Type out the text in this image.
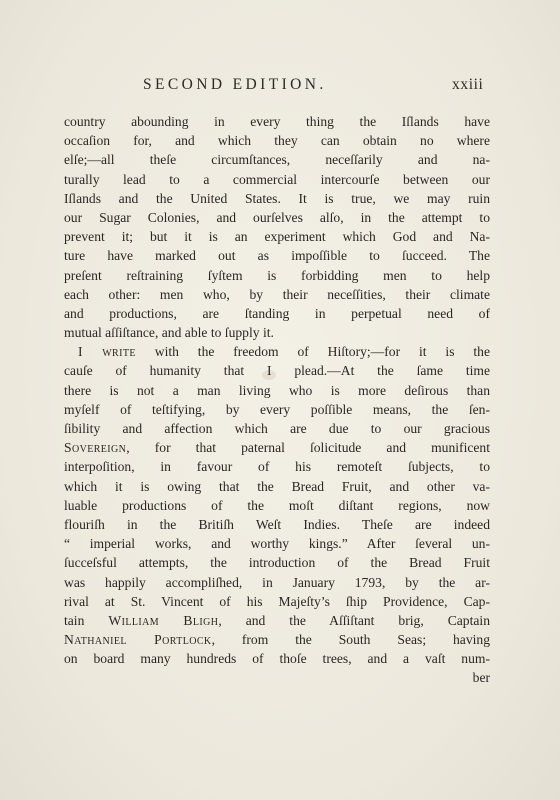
SECOND EDITION.	xxiii
country abounding in every thing the Iſlands have
occaſion for, and which they can obtain no where
elſe;—all theſe circumſtances, neceſſarily and na-
turally lead to a commercial intercourſe between our
Iſlands and the United States. It is true, we may ruin
our Sugar Colonies, and ourſelves alſo, in the attempt to
prevent it; but it is an experiment which God and Na-
ture have marked out as impoſſible to ſucceed. The
preſent reſtraining ſyſtem is forbidding men to help
each other: men who, by their neceſſities, their climate
and productions, are ſtanding in perpetual need of
mutual aſſiſtance, and able to ſupply it.
I write with the freedom of Hiſtory;—for it is the
cauſe of humanity that I plead.—At the ſame time
there is not a man living who is more deſirous than
myſelf of teſtifying, by every poſſible means, the ſen-
ſibility and affection which are due to our gracious
Sovereign, for that paternal ſolicitude and munificent
interpoſition, in favour of his remoteſt ſubjects, to
which it is owing that the Bread Fruit, and other va-
luable productions of the moſt diſtant regions, now
flouriſh in the Britiſh Weſt Indies. Theſe are indeed
“ imperial works, and worthy kings.” After ſeveral un-
ſucceſsful attempts, the introduction of the Bread Fruit
was happily accompliſhed, in January 1793, by the ar-
rival at St. Vincent of his Majeſty’s ſhip Providence, Cap-
tain William Bligh, and the Aſſiſtant brig, Captain
Nathaniel Portlock, from the South Seas; having
on board many hundreds of thoſe trees, and a vaſt num-
ber
